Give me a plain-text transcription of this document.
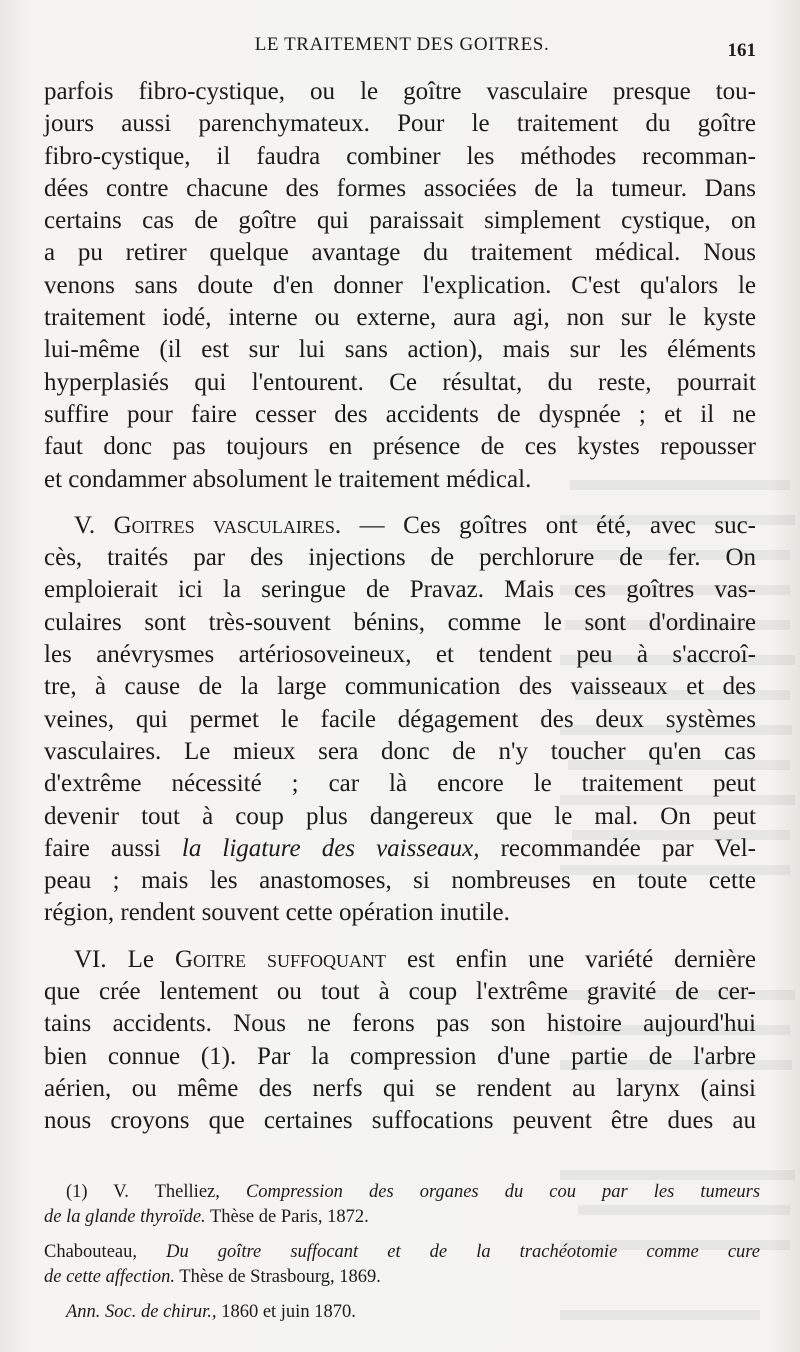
LE TRAITEMENT DES GOITRES.	161
parfois fibro-cystique, ou le goître vasculaire presque tou-
jours aussi parenchymateux. Pour le traitement du goître
fibro-cystique, il faudra combiner les méthodes recomman-
dées contre chacune des formes associées de la tumeur. Dans
certains cas de goître qui paraissait simplement cystique, on
a pu retirer quelque avantage du traitement médical. Nous
venons sans doute d'en donner l'explication. C'est qu'alors le
traitement iodé, interne ou externe, aura agi, non sur le kyste
lui-même (il est sur lui sans action), mais sur les éléments
hyperplasiés qui l'entourent. Ce résultat, du reste, pourrait
suffire pour faire cesser des accidents de dyspnée ; et il ne
faut donc pas toujours en présence de ces kystes repousser
et condammer absolument le traitement médical.
V. Goitres vasculaires. — Ces goîtres ont été, avec suc-
cès, traités par des injections de perchlorure de fer. On
emploierait ici la seringue de Pravaz. Mais ces goîtres vas-
culaires sont très-souvent bénins, comme le sont d'ordinaire
les anévrysmes artériosoveineux, et tendent peu à s'accroî-
tre, à cause de la large communication des vaisseaux et des
veines, qui permet le facile dégagement des deux systèmes
vasculaires. Le mieux sera donc de n'y toucher qu'en cas
d'extrême nécessité ; car là encore le traitement peut
devenir tout à coup plus dangereux que le mal. On peut
faire aussi la ligature des vaisseaux, recommandée par Vel-
peau ; mais les anastomoses, si nombreuses en toute cette
région, rendent souvent cette opération inutile.
VI. Le Goitre suffoquant est enfin une variété dernière
que crée lentement ou tout à coup l'extrême gravité de cer-
tains accidents. Nous ne ferons pas son histoire aujourd'hui
bien connue (1). Par la compression d'une partie de l'arbre
aérien, ou même des nerfs qui se rendent au larynx (ainsi
nous croyons que certaines suffocations peuvent être dues au
(1) V. Thelliez, Compression des organes du cou par les tumeurs
de la glande thyroïde. Thèse de Paris, 1872.
Chabouteau, Du goître suffocant et de la trachéotomie comme cure
de cette affection. Thèse de Strasbourg, 1869.
Ann. Soc. de chirur., 1860 et juin 1870.
